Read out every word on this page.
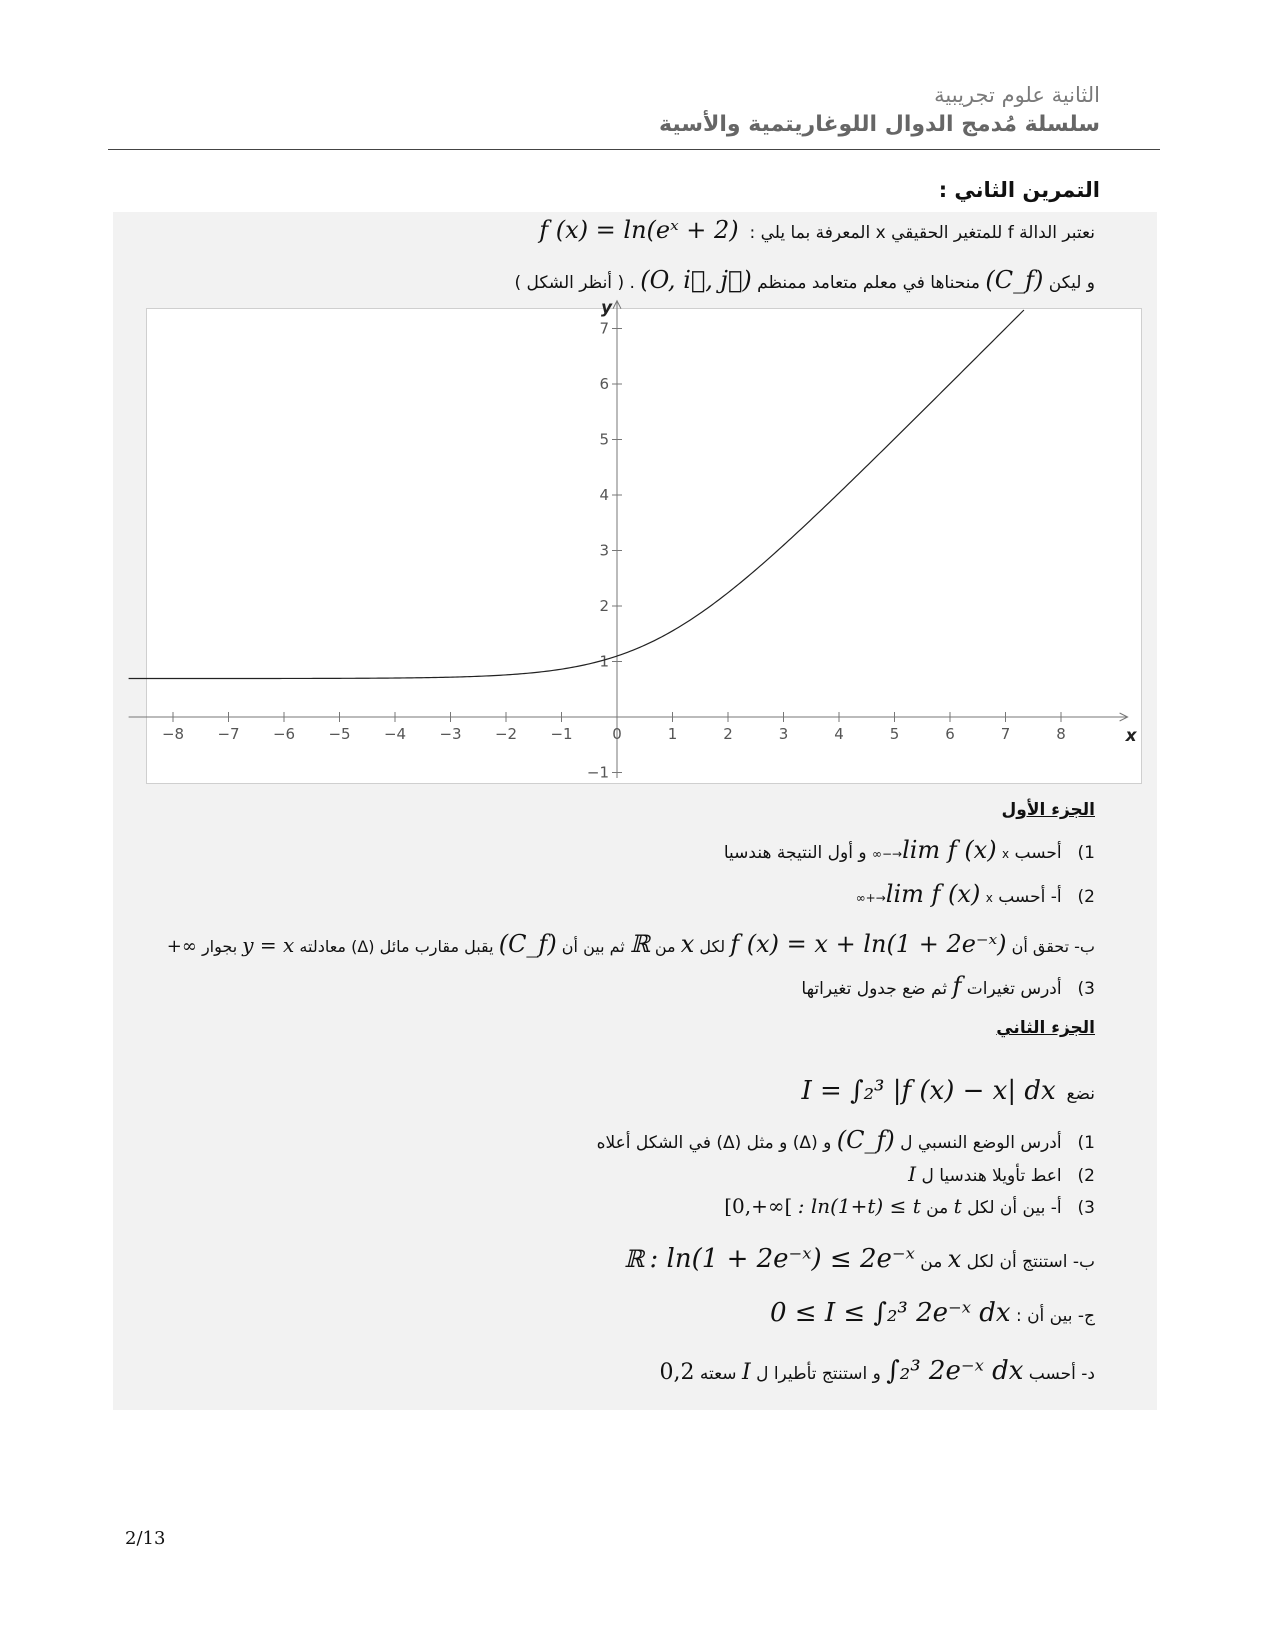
الثانية علوم تجريبية
سلسلة مُدمج الدوال اللوغاريتمية والأسية
التمرين الثاني :
نعتبر الدالة f للمتغير الحقيقي x المعرفة بما يلي :  f (x) = ln(eˣ + 2)
و ليكن (C_f) منحناها في معلم متعامد ممنظم (O, i⃗, j⃗) . ( أنظر الشكل )
−8 −7 −6 −5 −4 −3 −2 −1	0	1	2	3	4	5	6	7	8
−1
1
2
3
4
5
6
7
x
y
الجزء الأول
1) أحسب lim f (x) x→−∞ و أول النتيجة هندسيا
2) أ- أحسب lim f (x) x→+∞
ب- تحقق أن f (x) = x + ln(1 + 2e⁻ˣ) لكل x من ℝ ثم بين أن (C_f) يقبل مقارب مائل (Δ) معادلته y = x بجوار +∞
3) أدرس تغيرات f ثم ضع جدول تغيراتها
الجزء الثاني
نضع  I = ∫₂³ |f (x) − x| dx
1) أدرس الوضع النسبي ل (C_f) و (Δ) و مثل (Δ) في الشكل أعلاه
2) اعط تأويلا هندسيا ل I
3) أ- بين أن لكل t من [0,+∞[ : ln(1+t) ≤ t
ب- استنتج أن لكل x من ℝ : ln(1 + 2e⁻ˣ) ≤ 2e⁻ˣ
ج- بين أن : 0 ≤ I ≤ ∫₂³ 2e⁻ˣ dx
د- أحسب ∫₂³ 2e⁻ˣ dx و استنتج تأطيرا ل I سعته 0,2
2/13
